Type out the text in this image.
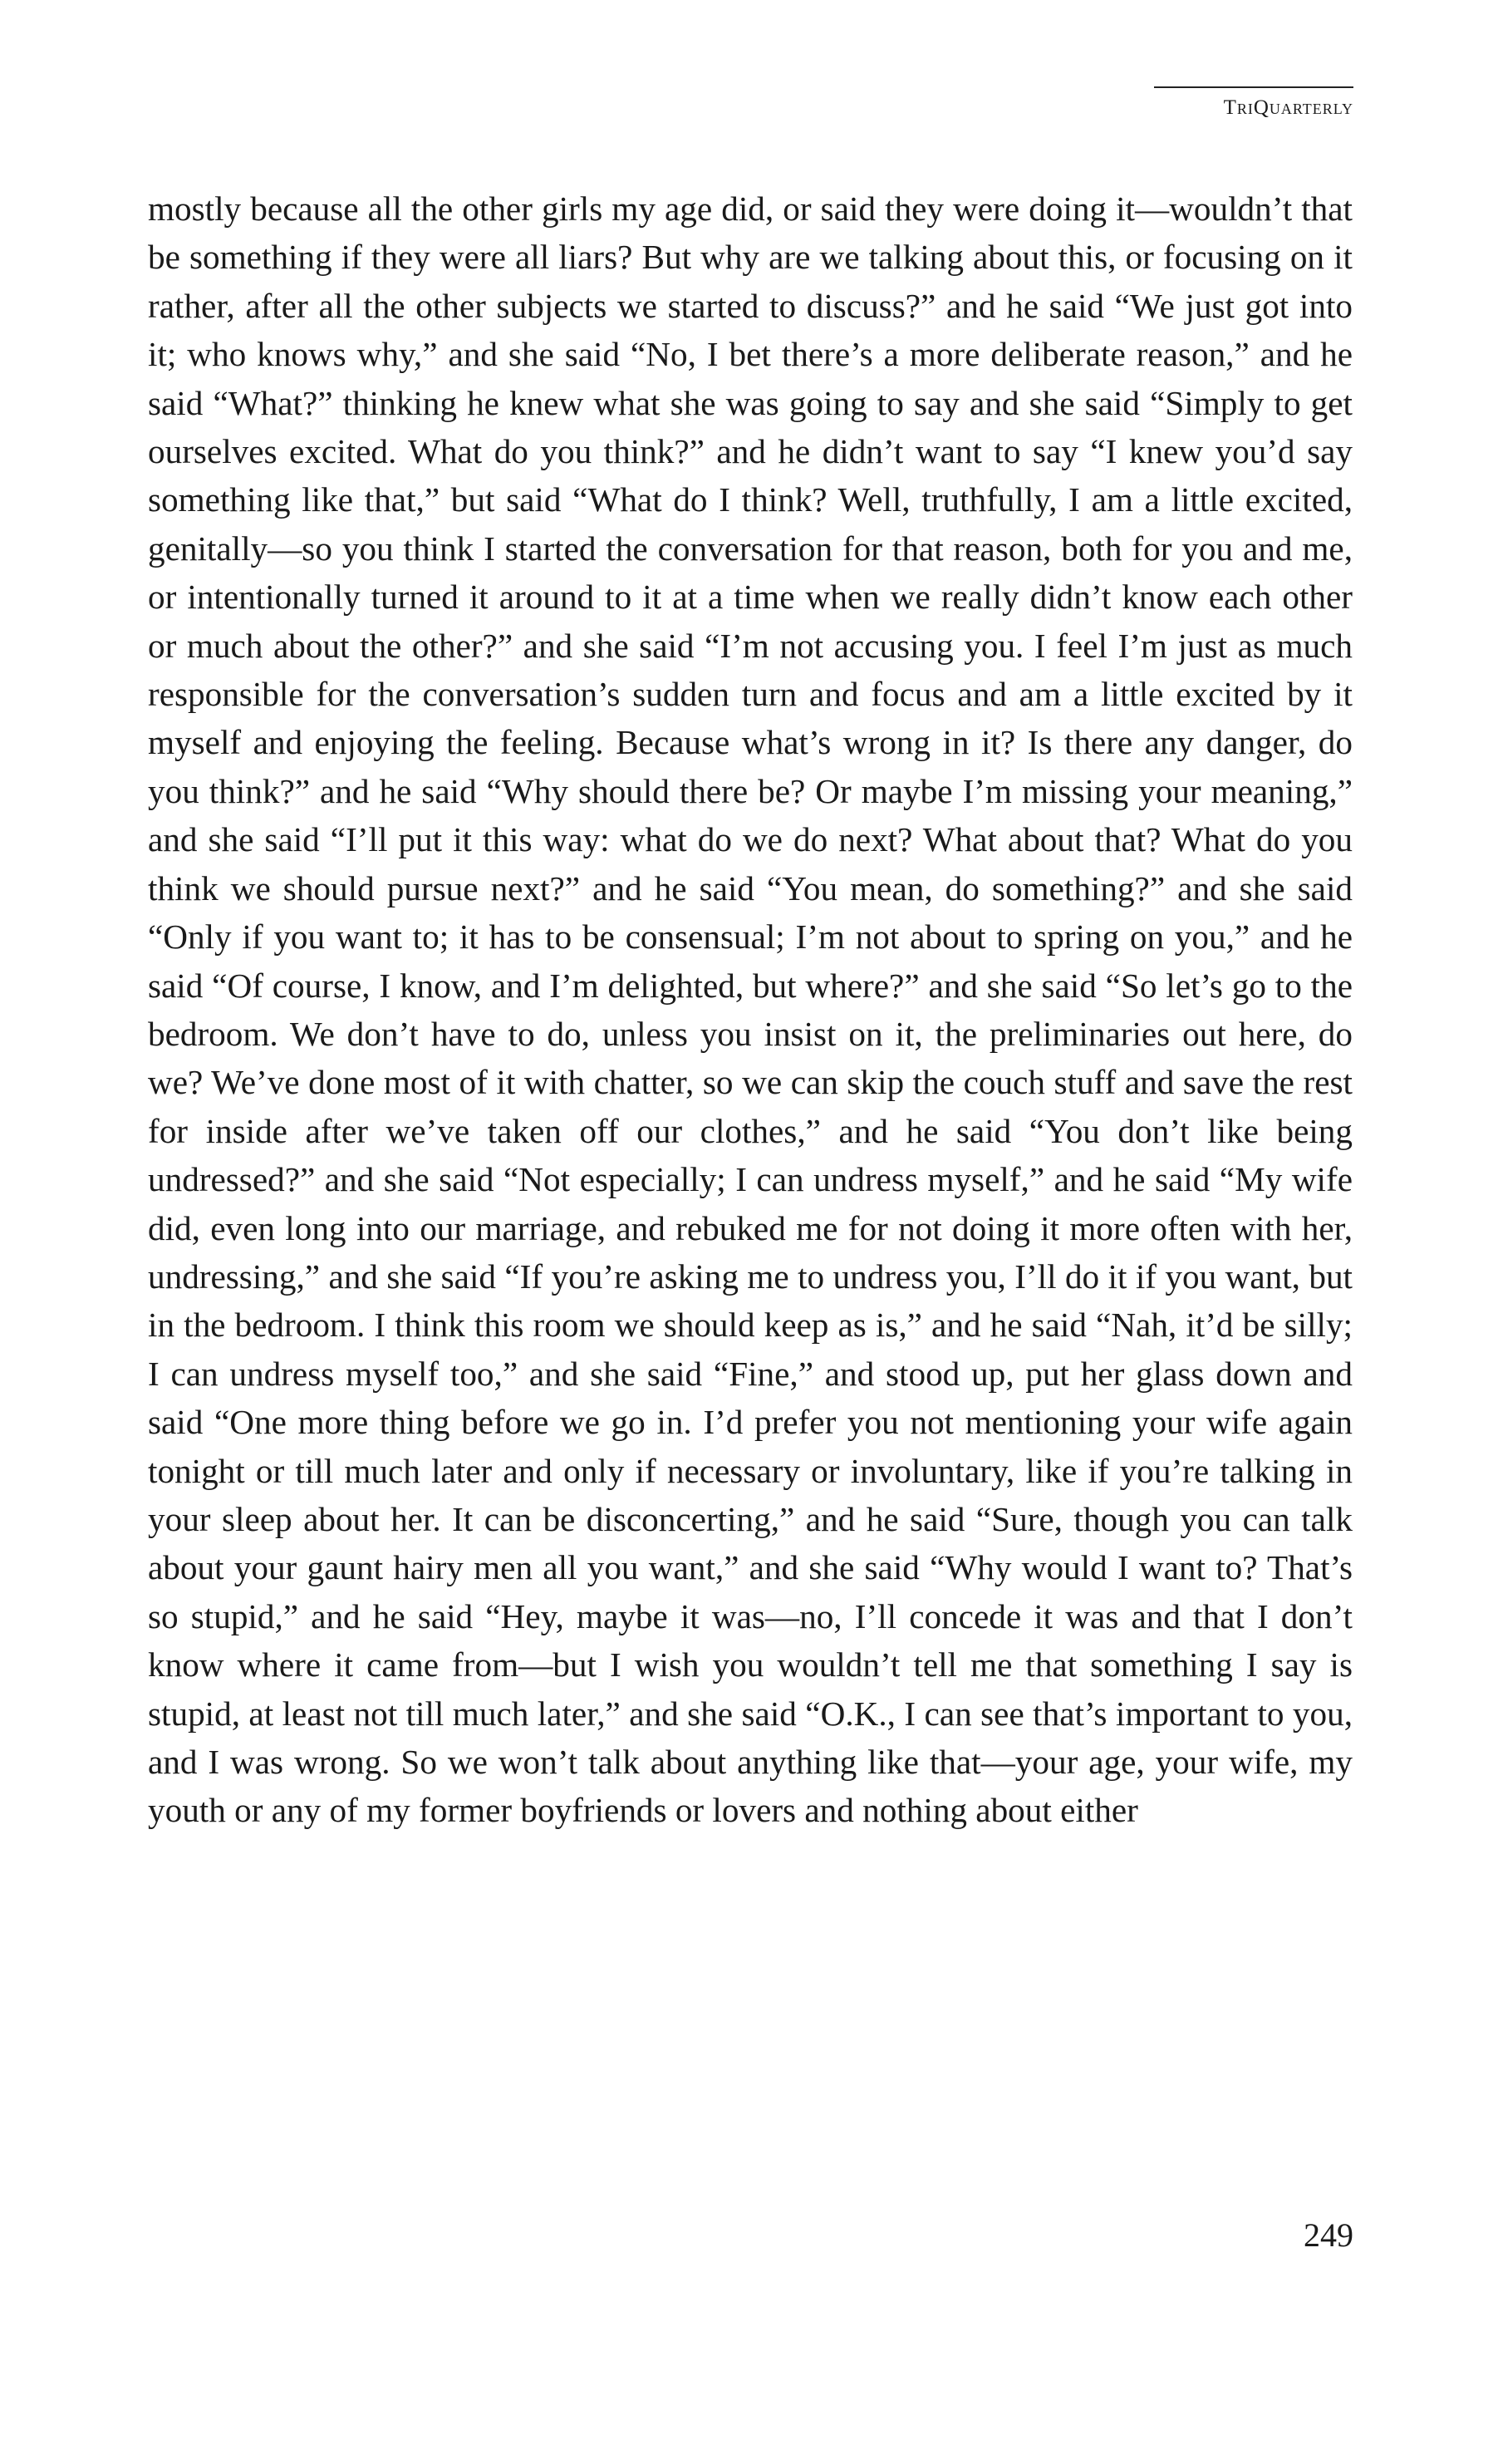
TriQuarterly

mostly because all the other girls my age did, or said they were doing it—wouldn’t that be something if they were all liars? But why are we talking about this, or focusing on it rather, after all the other subjects we started to discuss?” and he said “We just got into it; who knows why,” and she said “No, I bet there’s a more deliberate reason,” and he said “What?” thinking he knew what she was going to say and she said “Simply to get ourselves excited. What do you think?” and he didn’t want to say “I knew you’d say something like that,” but said “What do I think? Well, truthfully, I am a little excited, genitally—so you think I started the conversation for that reason, both for you and me, or intentionally turned it around to it at a time when we really didn’t know each other or much about the other?” and she said “I’m not accusing you. I feel I’m just as much responsible for the conversation’s sudden turn and focus and am a little excited by it myself and enjoying the feeling. Because what’s wrong in it? Is there any danger, do you think?” and he said “Why should there be? Or maybe I’m missing your meaning,” and she said “I’ll put it this way: what do we do next? What about that? What do you think we should pursue next?” and he said “You mean, do something?” and she said “Only if you want to; it has to be consensual; I’m not about to spring on you,” and he said “Of course, I know, and I’m delighted, but where?” and she said “So let’s go to the bedroom. We don’t have to do, unless you insist on it, the preliminaries out here, do we? We’ve done most of it with chatter, so we can skip the couch stuff and save the rest for inside after we’ve taken off our clothes,” and he said “You don’t like being undressed?” and she said “Not especially; I can undress myself,” and he said “My wife did, even long into our marriage, and rebuked me for not doing it more often with her, undressing,” and she said “If you’re asking me to undress you, I’ll do it if you want, but in the bedroom. I think this room we should keep as is,” and he said “Nah, it’d be silly; I can undress myself too,” and she said “Fine,” and stood up, put her glass down and said “One more thing before we go in. I’d prefer you not mentioning your wife again tonight or till much later and only if necessary or involuntary, like if you’re talking in your sleep about her. It can be disconcerting,” and he said “Sure, though you can talk about your gaunt hairy men all you want,” and she said “Why would I want to? That’s so stupid,” and he said “Hey, maybe it was—no, I’ll concede it was and that I don’t know where it came from—but I wish you wouldn’t tell me that something I say is stupid, at least not till much later,” and she said “O.K., I can see that’s important to you, and I was wrong. So we won’t talk about anything like that—your age, your wife, my youth or any of my former boyfriends or lovers and nothing about either

249
